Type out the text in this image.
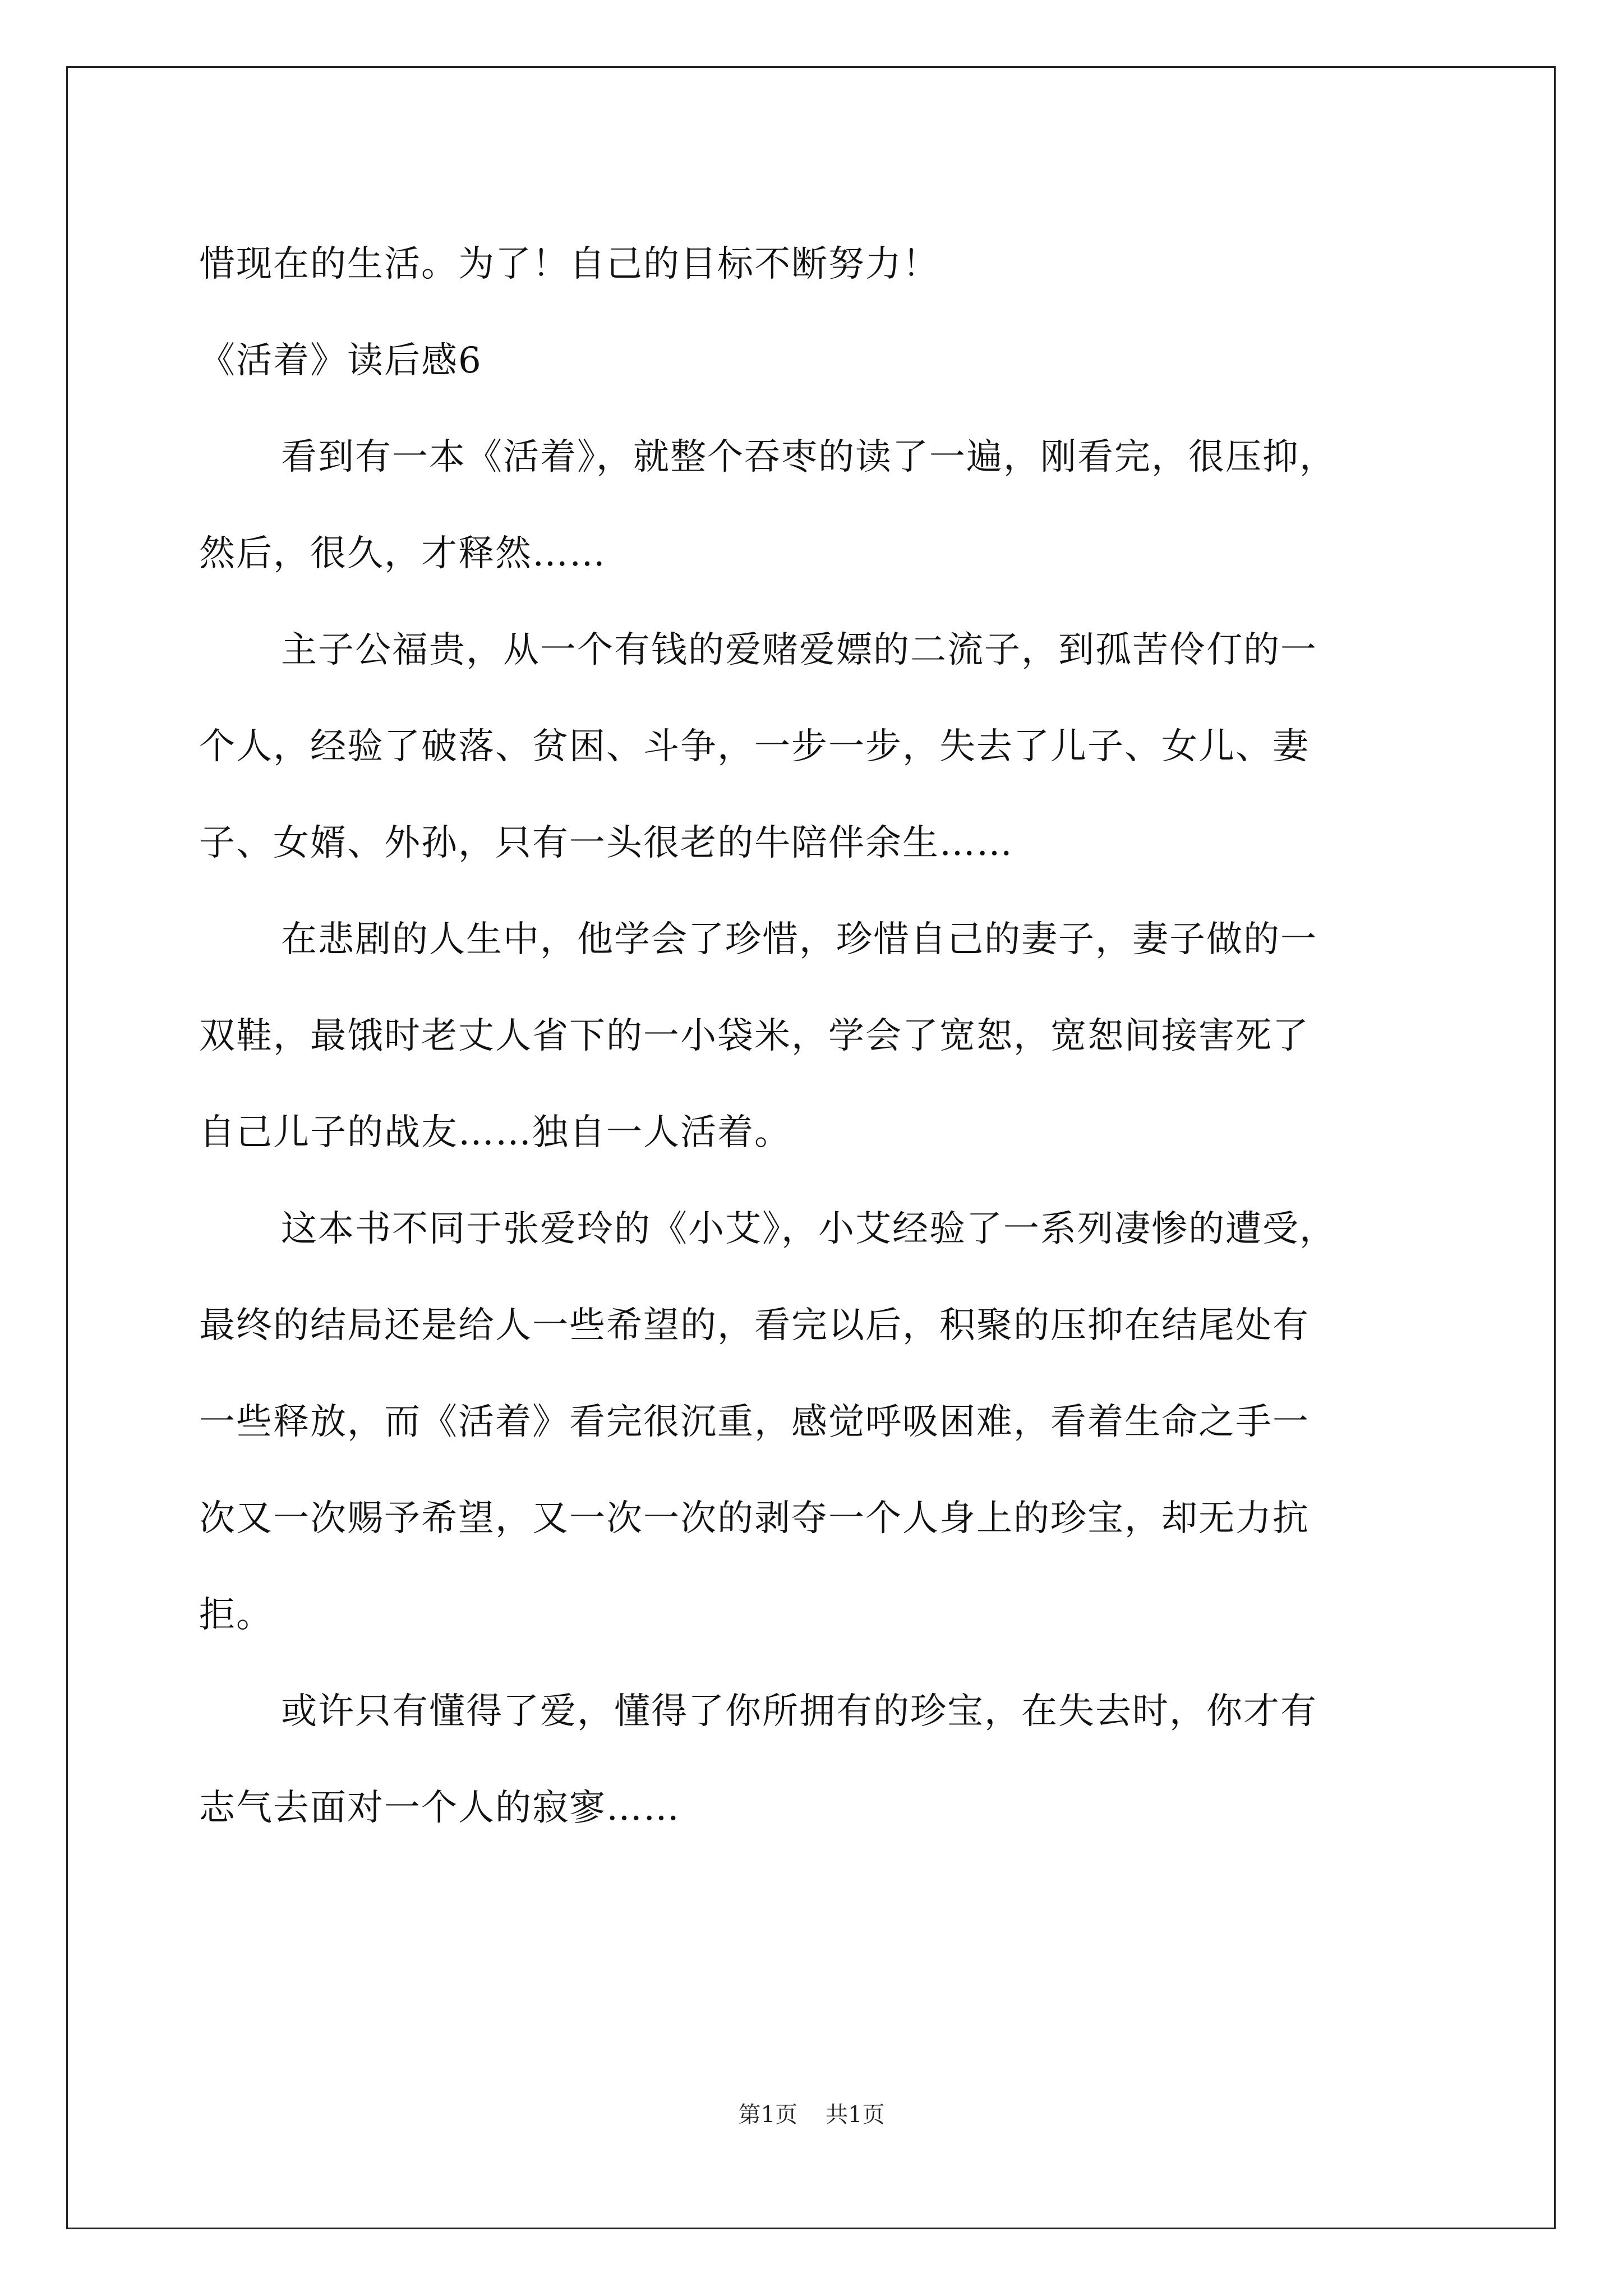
惜现在的生活。为了！自己的目标不断努力！
《活着》读后感6
看到有一本《活着》，就整个吞枣的读了一遍，刚看完，很压抑，
然后，很久，才释然……
主子公福贵，从一个有钱的爱赌爱嫖的二流子，到孤苦伶仃的一
个人，经验了破落、贫困、斗争，一步一步，失去了儿子、女儿、妻
子、女婿、外孙，只有一头很老的牛陪伴余生……
在悲剧的人生中，他学会了珍惜，珍惜自己的妻子，妻子做的一
双鞋，最饿时老丈人省下的一小袋米，学会了宽恕，宽恕间接害死了
自己儿子的战友……独自一人活着。
这本书不同于张爱玲的《小艾》，小艾经验了一系列凄惨的遭受，
最终的结局还是给人一些希望的，看完以后，积聚的压抑在结尾处有
一些释放，而《活着》看完很沉重，感觉呼吸困难，看着生命之手一
次又一次赐予希望，又一次一次的剥夺一个人身上的珍宝，却无力抗
拒。
或许只有懂得了爱，懂得了你所拥有的珍宝，在失去时，你才有
志气去面对一个人的寂寥……
第1页 共1页
